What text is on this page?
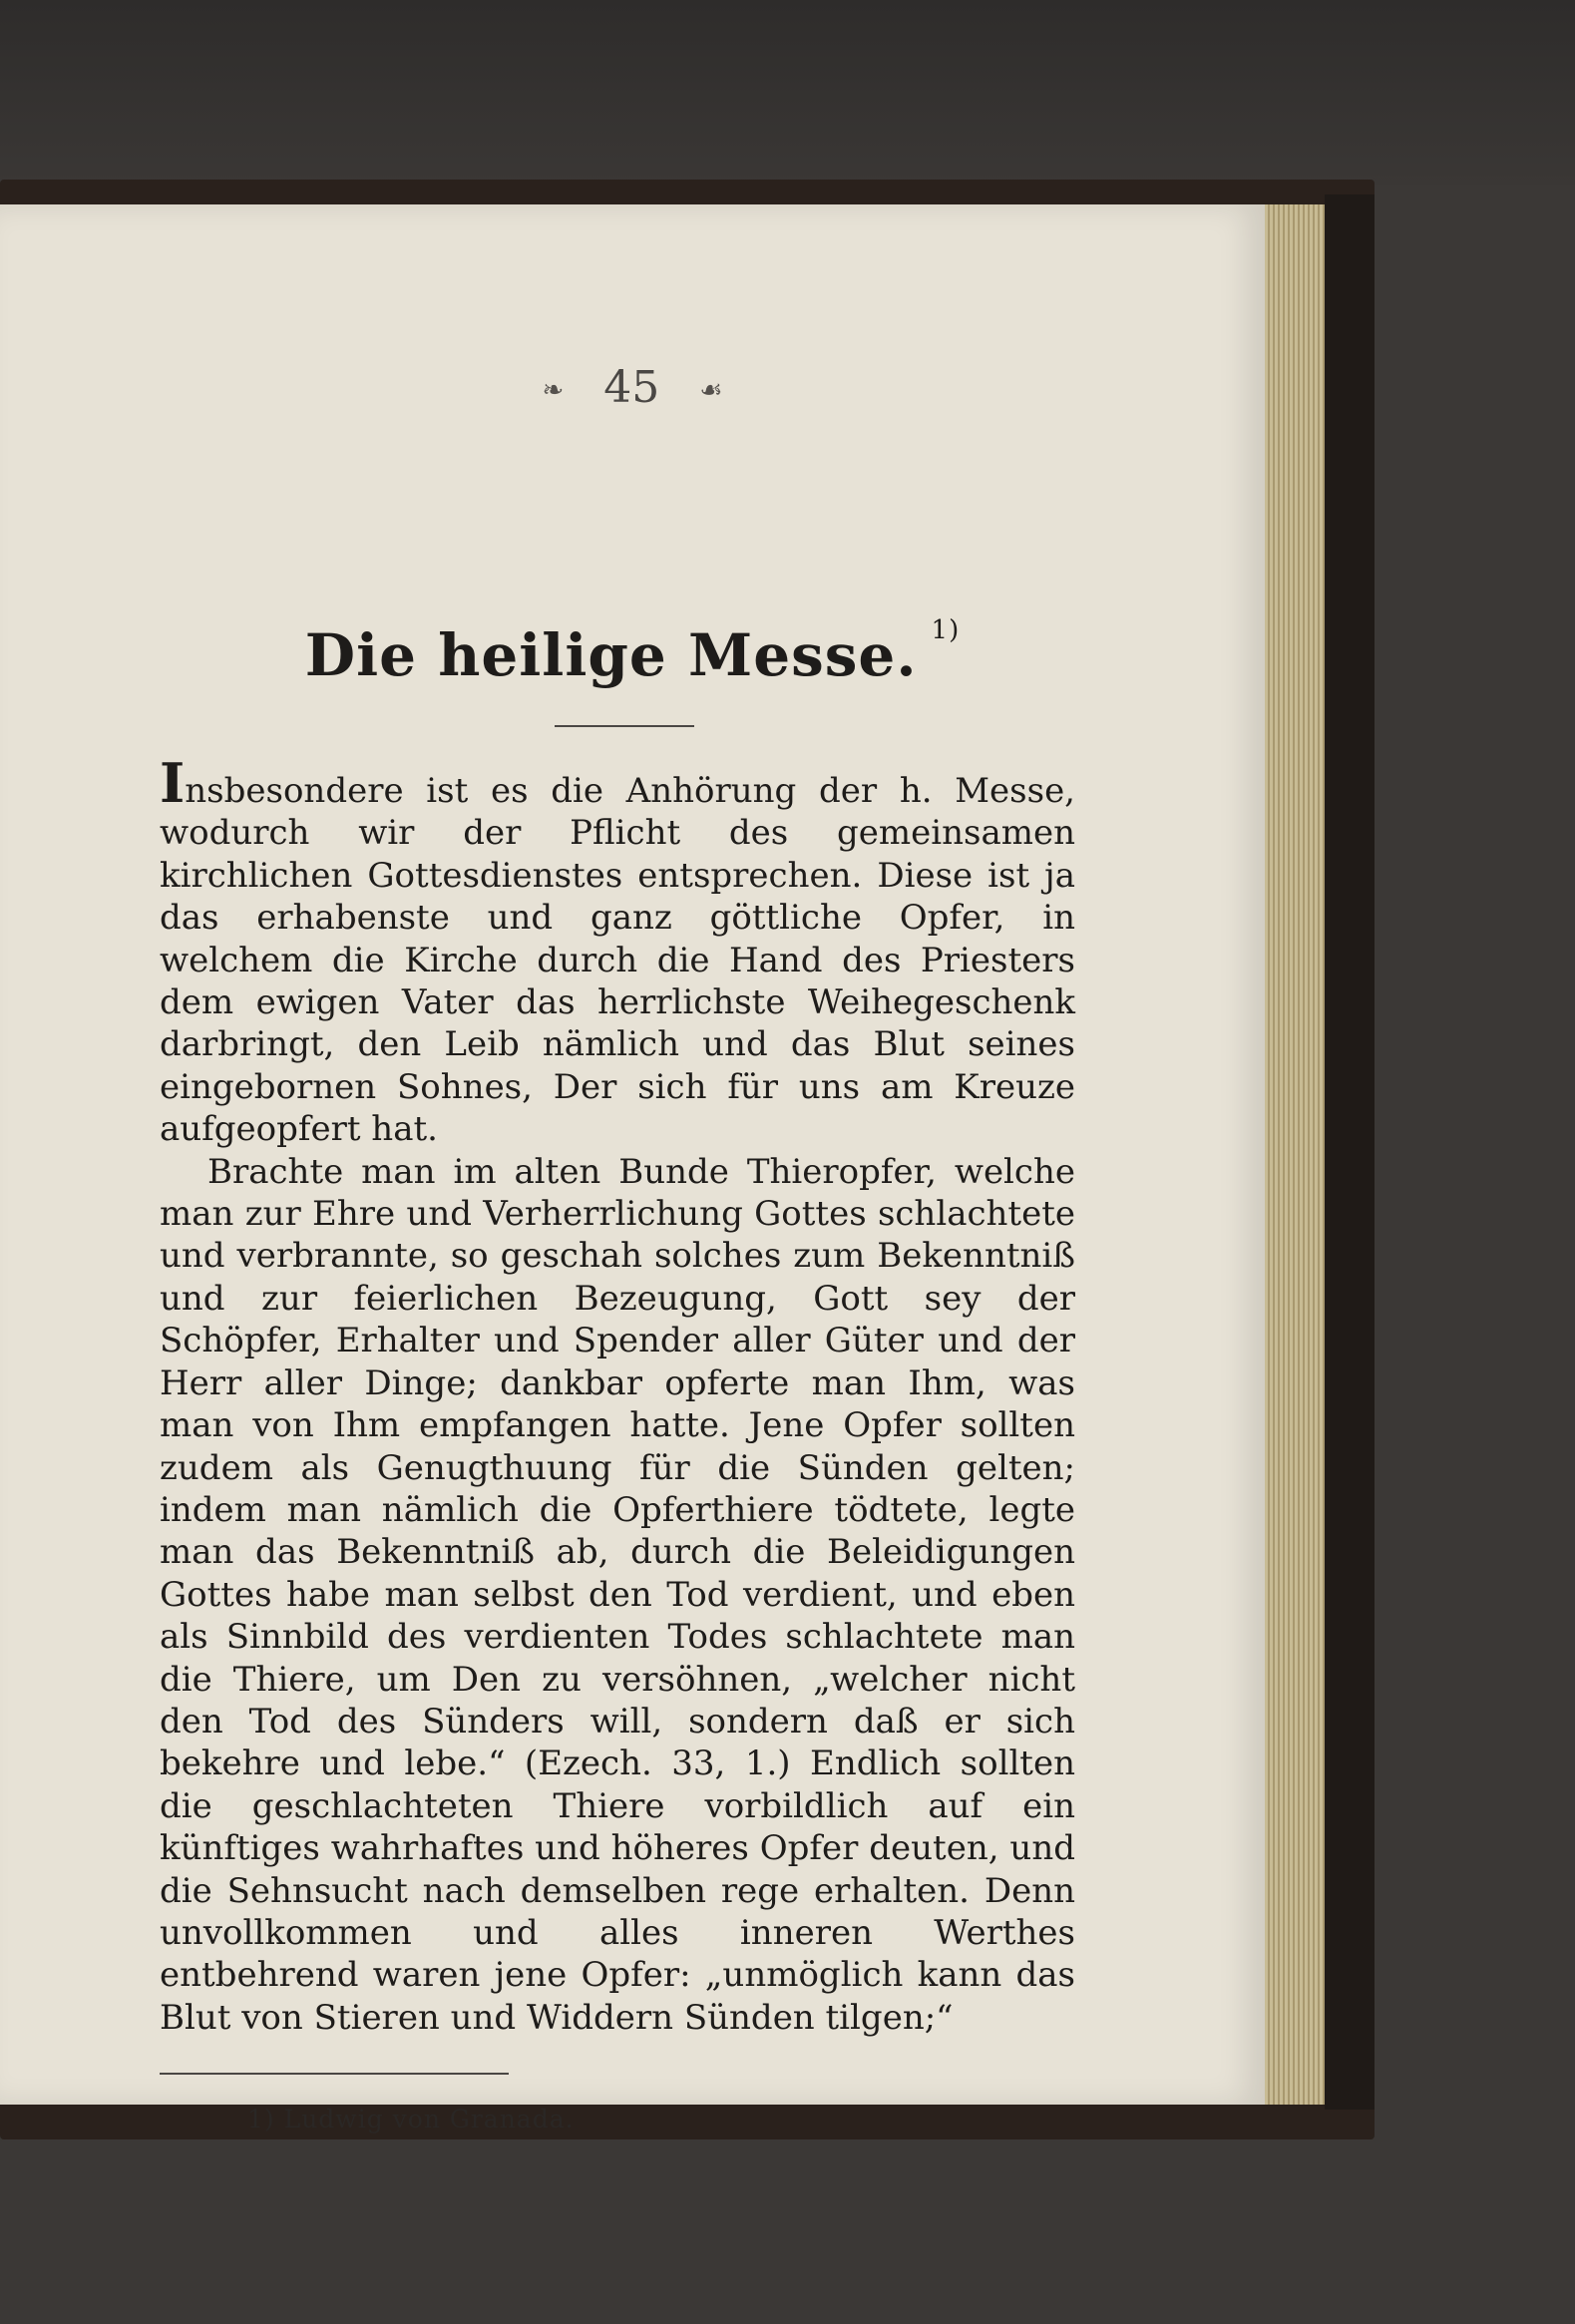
❧ 45 ☙
Die heilige Messe. $^{1)}$

Insbesondere ist es die Anhörung der h. Messe, wodurch wir der Pflicht des gemeinsamen kirchlichen Gottesdienstes entsprechen. Diese ist ja das erhabenste und ganz göttliche Opfer, in welchem die Kirche durch die Hand des Priesters dem ewigen Vater das herrlichste Weihegeschenk darbringt, den Leib nämlich und das Blut seines eingebornen Sohnes, Der sich für uns am Kreuze aufgeopfert hat.

Brachte man im alten Bunde Thieropfer, welche man zur Ehre und Verherrlichung Gottes schlachtete und verbrannte, so geschah solches zum Bekenntniß und zur feierlichen Bezeugung, Gott sey der Schöpfer, Erhalter und Spender aller Güter und der Herr aller Dinge; dankbar opferte man Ihm, was man von Ihm empfangen hatte. Jene Opfer sollten zudem als Genugthuung für die Sünden gelten; indem man nämlich die Opferthiere tödtete, legte man das Bekenntniß ab, durch die Beleidigungen Gottes habe man selbst den Tod verdient, und eben als Sinnbild des verdienten Todes schlachtete man die Thiere, um Den zu versöhnen, „welcher nicht den Tod des Sünders will, sondern daß er sich bekehre und lebe.“ (Ezech. 33, 1.) Endlich sollten die geschlachteten Thiere vorbildlich auf ein künftiges wahrhaftes und höheres Opfer deuten, und die Sehnsucht nach demselben rege erhalten. Denn unvollkommen und alles inneren Werthes entbehrend waren jene Opfer: „unmöglich kann das Blut von Stieren und Widdern Sünden tilgen;“

1) Ludwig von Granada.
